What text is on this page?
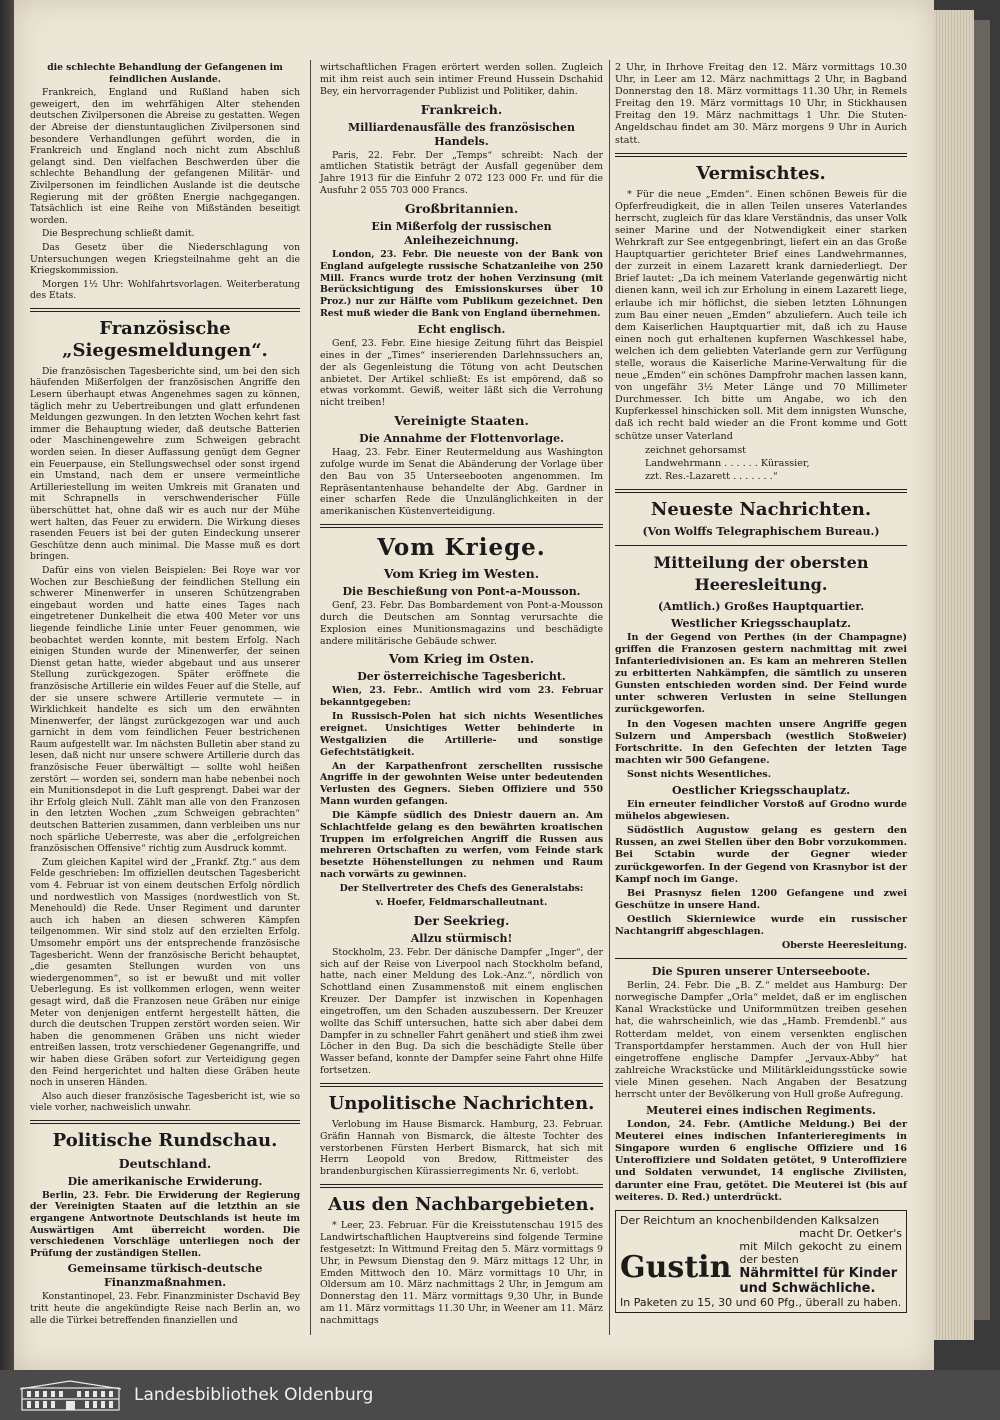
die schlechte Behandlung der Gefangenen im feindlichen Auslande.

Frankreich, England und Rußland haben sich geweigert, den im wehrfähigen Alter stehenden deutschen Zivilpersonen die Abreise zu gestatten. Wegen der Abreise der dienstuntauglichen Zivilpersonen sind besondere Verhandlungen geführt worden, die in Frankreich und England noch nicht zum Abschluß gelangt sind. Den vielfachen Beschwerden über die schlechte Behandlung der gefangenen Militär- und Zivilpersonen im feindlichen Auslande ist die deutsche Regierung mit der größten Energie nachgegangen. Tatsächlich ist eine Reihe von Mißständen beseitigt worden.

Die Besprechung schließt damit.

Das Gesetz über die Niederschlagung von Untersuchungen wegen Kriegsteilnahme geht an die Kriegskommission.

Morgen 1½ Uhr: Wohlfahrtsvorlagen. Weiterberatung des Etats.

Französische „Siegesmeldungen“.

Die französischen Tagesberichte sind, um bei den sich häufenden Mißerfolgen der französischen Angriffe den Lesern überhaupt etwas Angenehmes sagen zu können, täglich mehr zu Uebertreibungen und glatt erfundenen Meldungen gezwungen. In den letzten Wochen kehrt fast immer die Behauptung wieder, daß deutsche Batterien oder Maschinengewehre zum Schweigen gebracht worden seien. In dieser Auffassung genügt dem Gegner ein Feuerpause, ein Stellungswechsel oder sonst irgend ein Umstand, nach dem er unsere vermeintliche Artilleriestellung im weiten Umkreis mit Granaten und mit Schrapnells in verschwenderischer Fülle überschüttet hat, ohne daß wir es auch nur der Mühe wert halten, das Feuer zu erwidern. Die Wirkung dieses rasenden Feuers ist bei der guten Eindeckung unserer Geschütze denn auch minimal. Die Masse muß es dort bringen.

Dafür eins von vielen Beispielen: Bei Roye war vor Wochen zur Beschießung der feindlichen Stellung ein schwerer Minenwerfer in unseren Schützengraben eingebaut worden und hatte eines Tages nach eingetretener Dunkelheit die etwa 400 Meter vor uns liegende feindliche Linie unter Feuer genommen, wie beobachtet werden konnte, mit bestem Erfolg. Nach einigen Stunden wurde der Minenwerfer, der seinen Dienst getan hatte, wieder abgebaut und aus unserer Stellung zurückgezogen. Später eröffnete die französische Artillerie ein wildes Feuer auf die Stelle, auf der sie unsere schwere Artillerie vermutete — in Wirklichkeit handelte es sich um den erwähnten Minenwerfer, der längst zurückgezogen war und auch garnicht in dem vom feindlichen Feuer bestrichenen Raum aufgestellt war. Im nächsten Bulletin aber stand zu lesen, daß nicht nur unsere schwere Artillerie durch das französische Feuer überwältigt — sollte wohl heißen zerstört — worden sei, sondern man habe nebenbei noch ein Munitionsdepot in die Luft gesprengt. Dabei war der ihr Erfolg gleich Null. Zählt man alle von den Franzosen in den letzten Wochen „zum Schweigen gebrachten“ deutschen Batterien zusammen, dann verbleiben uns nur noch spärliche Ueberreste, was aber die „erfolgreichen französischen Offensive“ richtig zum Ausdruck kommt.

Zum gleichen Kapitel wird der „Frankf. Ztg.“ aus dem Felde geschrieben: Im offiziellen deutschen Tagesbericht vom 4. Februar ist von einem deutschen Erfolg nördlich und nordwestlich von Massiges (nordwestlich von St. Menehould) die Rede. Unser Regiment und darunter auch ich haben an diesen schweren Kämpfen teilgenommen. Wir sind stolz auf den erzielten Erfolg. Umsomehr empört uns der entsprechende französische Tagesbericht. Wenn der französische Bericht behauptet, „die gesamten Stellungen wurden von uns wiedergenommen“, so ist er bewußt und mit voller Ueberlegung. Es ist vollkommen erlogen, wenn weiter gesagt wird, daß die Franzosen neue Gräben nur einige Meter von denjenigen entfernt hergestellt hätten, die durch die deutschen Truppen zerstört worden seien. Wir haben die genommenen Gräben uns nicht wieder entreißen lassen, trotz verschiedener Gegenangriffe, und wir haben diese Gräben sofort zur Verteidigung gegen den Feind hergerichtet und halten diese Gräben heute noch in unseren Händen.

Also auch dieser französische Tagesbericht ist, wie so viele vorher, nachweislich unwahr.

Politische Rundschau.
Deutschland.
Die amerikanische Erwiderung.

Berlin, 23. Febr. Die Erwiderung der Regierung der Vereinigten Staaten auf die letzthin an sie ergangene Antwortnote Deutschlands ist heute im Auswärtigen Amt überreicht worden. Die verschiedenen Vorschläge unterliegen noch der Prüfung der zuständigen Stellen.

Gemeinsame türkisch-deutsche Finanzmaßnahmen.

Konstantinopel, 23. Febr. Finanzminister Dschavid Bey tritt heute die angekündigte Reise nach Berlin an, wo alle die Türkei betreffenden finanziellen und

wirtschaftlichen Fragen erörtert werden sollen. Zugleich mit ihm reist auch sein intimer Freund Hussein Dschahid Bey, ein hervorragender Publizist und Politiker, dahin.

Frankreich.
Milliardenausfälle des französischen Handels.

Paris, 22. Febr. Der „Temps“ schreibt: Nach der amtlichen Statistik beträgt der Ausfall gegenüber dem Jahre 1913 für die Einfuhr 2 072 123 000 Fr. und für die Ausfuhr 2 055 703 000 Francs.

Großbritannien.
Ein Mißerfolg der russischen Anleihezeichnung.

London, 23. Febr. Die neueste von der Bank von England aufgelegte russische Schatzanleihe von 250 Mill. Francs wurde trotz der hohen Verzinsung (mit Berücksichtigung des Emissionskurses über 10 Proz.) nur zur Hälfte vom Publikum gezeichnet. Den Rest muß wieder die Bank von England übernehmen.

Echt englisch.

Genf, 23. Febr. Eine hiesige Zeitung führt das Beispiel eines in der „Times“ inserierenden Darlehnssuchers an, der als Gegenleistung die Tötung von acht Deutschen anbietet. Der Artikel schließt: Es ist empörend, daß so etwas vorkommt. Gewiß, weiter läßt sich die Verrohung nicht treiben!

Vereinigte Staaten.
Die Annahme der Flottenvorlage.

Haag, 23. Febr. Einer Reutermeldung aus Washington zufolge wurde im Senat die Abänderung der Vorlage über den Bau von 35 Unterseebooten angenommen. Im Repräsentantenhause behandelte der Abg. Gardner in einer scharfen Rede die Unzulänglichkeiten in der amerikanischen Küstenverteidigung.

Vom Kriege.
Vom Krieg im Westen.
Die Beschießung von Pont-a-Mousson.

Genf, 23. Febr. Das Bombardement von Pont-a-Mousson durch die Deutschen am Sonntag verursachte die Explosion eines Munitionsmagazins und beschädigte andere militärische Gebäude schwer.

Vom Krieg im Osten.
Der österreichische Tagesbericht.

Wien, 23. Febr.. Amtlich wird vom 23. Februar bekanntgegeben:

In Russisch-Polen hat sich nichts Wesentliches ereignet. Unsichtiges Wetter behinderte in Westgalizien die Artillerie- und sonstige Gefechtstätigkeit.

An der Karpathenfront zerschellten russische Angriffe in der gewohnten Weise unter bedeutenden Verlusten des Gegners. Sieben Offiziere und 550 Mann wurden gefangen.

Die Kämpfe südlich des Dniestr dauern an. Am Schlachtfelde gelang es den bewährten kroatischen Truppen im erfolgreichen Angriff die Russen aus mehreren Ortschaften zu werfen, vom Feinde stark besetzte Höhenstellungen zu nehmen und Raum nach vorwärts zu gewinnen.

Der Stellvertreter des Chefs des Generalstabs:
v. Hoefer, Feldmarschalleutnant.
Der Seekrieg.
Allzu stürmisch!

Stockholm, 23. Febr. Der dänische Dampfer „Inger“, der sich auf der Reise von Liverpool nach Stockholm befand, hatte, nach einer Meldung des Lok.-Anz.“, nördlich von Schottland einen Zusammenstoß mit einem englischen Kreuzer. Der Dampfer ist inzwischen in Kopenhagen eingetroffen, um den Schaden auszubessern. Der Kreuzer wollte das Schiff untersuchen, hatte sich aber dabei dem Dampfer in zu schneller Fahrt genähert und stieß ihm zwei Löcher in den Bug. Da sich die beschädigte Stelle über Wasser befand, konnte der Dampfer seine Fahrt ohne Hilfe fortsetzen.

Unpolitische Nachrichten.

Verlobung im Hause Bismarck. Hamburg, 23. Februar. Gräfin Hannah von Bismarck, die älteste Tochter des verstorbenen Fürsten Herbert Bismarck, hat sich mit Herrn Leopold von Bredow, Rittmeister des brandenburgischen Kürassierregiments Nr. 6, verlobt.

Aus den Nachbargebieten.

* Leer, 23. Februar. Für die Kreisstutenschau 1915 des Landwirtschaftlichen Hauptvereins sind folgende Termine festgesetzt: In Wittmund Freitag den 5. März vormittags 9 Uhr, in Pewsum Dienstag den 9. März mittags 12 Uhr, in Emden Mittwoch den 10. März vormittags 10 Uhr, in Oldersum am 10. März nachmittags 2 Uhr, in Jemgum am Donnerstag den 11. März vormittags 9,30 Uhr, in Bunde am 11. März vormittags 11.30 Uhr, in Weener am 11. März nachmittags

2 Uhr, in Ihrhove Freitag den 12. März vormittags 10.30 Uhr, in Leer am 12. März nachmittags 2 Uhr, in Bagband Donnerstag den 18. März vormittags 11.30 Uhr, in Remels Freitag den 19. März vormittags 10 Uhr, in Stickhausen Freitag den 19. März nachmittags 1 Uhr. Die Stuten-Angeldschau findet am 30. März morgens 9 Uhr in Aurich statt.

Vermischtes.

* Für die neue „Emden“. Einen schönen Beweis für die Opferfreudigkeit, die in allen Teilen unseres Vaterlandes herrscht, zugleich für das klare Verständnis, das unser Volk seiner Marine und der Notwendigkeit einer starken Wehrkraft zur See entgegenbringt, liefert ein an das Große Hauptquartier gerichteter Brief eines Landwehrmannes, der zurzeit in einem Lazarett krank darniederliegt. Der Brief lautet: „Da ich meinem Vaterlande gegenwärtig nicht dienen kann, weil ich zur Erholung in einem Lazarett liege, erlaube ich mir höflichst, die sieben letzten Löhnungen zum Bau einer neuen „Emden“ abzuliefern. Auch teile ich dem Kaiserlichen Hauptquartier mit, daß ich zu Hause einen noch gut erhaltenen kupfernen Waschkessel habe, welchen ich dem geliebten Vaterlande gern zur Verfügung stelle, woraus die Kaiserliche Marine-Verwaltung für die neue „Emden“ ein schönes Dampfrohr machen lassen kann, von ungefähr 3½ Meter Länge und 70 Millimeter Durchmesser. Ich bitte um Angabe, wo ich den Kupferkessel hinschicken soll. Mit dem innigsten Wunsche, daß ich recht bald wieder an die Front komme und Gott schütze unser Vaterland

zeichnet gehorsamst
Landwehrmann . . . . . . Kürassier,
zzt. Res.-Lazarett . . . . . . .“
Neueste Nachrichten.
(Von Wolffs Telegraphischem Bureau.)
Mitteilung der obersten Heeresleitung.
(Amtlich.) Großes Hauptquartier.
Westlicher Kriegsschauplatz.

In der Gegend von Perthes (in der Champagne) griffen die Franzosen gestern nachmittag mit zwei Infanteriedivisionen an. Es kam an mehreren Stellen zu erbitterten Nahkämpfen, die sämtlich zu unseren Gunsten entschieden worden sind. Der Feind wurde unter schweren Verlusten in seine Stellungen zurückgeworfen.

In den Vogesen machten unsere Angriffe gegen Sulzern und Ampersbach (westlich Stoßweier) Fortschritte. In den Gefechten der letzten Tage machten wir 500 Gefangene.

Sonst nichts Wesentliches.

Oestlicher Kriegsschauplatz.

Ein erneuter feindlicher Vorstoß auf Grodno wurde mühelos abgewiesen.

Südöstlich Augustow gelang es gestern den Russen, an zwei Stellen über den Bobr vorzukommen. Bei Sctabin wurde der Gegner wieder zurückgeworfen. In der Gegend von Krasnybor ist der Kampf noch im Gange.

Bei Prasnysz fielen 1200 Gefangene und zwei Geschütze in unsere Hand.

Oestlich Skierniewice wurde ein russischer Nachtangriff abgeschlagen.

Oberste Heeresleitung.
Die Spuren unserer Unterseeboote.

Berlin, 24. Febr. Die „B. Z.“ meldet aus Hamburg: Der norwegische Dampfer „Orla“ meldet, daß er im englischen Kanal Wrackstücke und Uniformmützen treiben gesehen hat, die wahrscheinlich, wie das „Hamb. Fremdenbl.“ aus Rotterdam meldet, von einem versenkten englischen Transportdampfer herstammen. Auch der von Hull hier eingetroffene englische Dampfer „Jervaux-Abby“ hat zahlreiche Wrackstücke und Militärkleidungsstücke sowie viele Minen gesehen. Nach Angaben der Besatzung herrscht unter der Bevölkerung von Hull große Aufregung.

Meuterei eines indischen Regiments.

London, 24. Febr. (Amtliche Meldung.) Bei der Meuterei eines indischen Infanterieregiments in Singapore wurden 6 englische Offiziere und 16 Unteroffiziere und Soldaten getötet, 9 Unteroffiziere und Soldaten verwundet, 14 englische Zivilisten, darunter eine Frau, getötet. Die Meuterei ist (bis auf weiteres. D. Red.) unterdrückt.

Der Reichtum an knochenbildenden Kalksalzen
macht Dr. Oetker's
Gustin
mit Milch gekocht zu einem der besten
Nährmittel für Kinder
und Schwächliche.
In Paketen zu 15, 30 und 60 Pfg., überall zu haben.
Landesbibliothek Oldenburg
